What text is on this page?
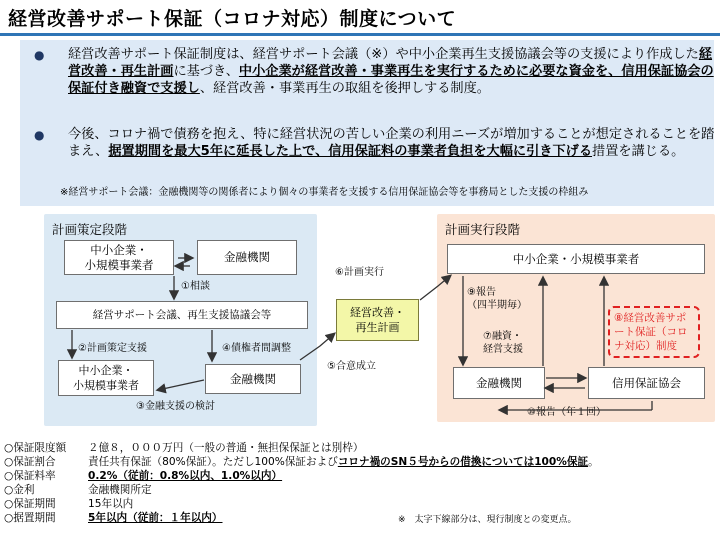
経営改善サポート保証（コロナ対応）制度について
● 経営改善サポート保証制度は、経営サポート会議（※）や中小企業再生支援協議会等の支援により作成した経営改善・再生計画に基づき、中小企業が経営改善・事業再生を実行するために必要な資金を、信用保証協会の保証付き融資で支援し、経営改善・事業再生の取組を後押しする制度。
● 今後、コロナ禍で債務を抱え、特に経営状況の苦しい企業の利用ニーズが増加することが想定されることを踏まえ、据置期間を最大5年に延長した上で、信用保証料の事業者負担を大幅に引き下げる措置を講じる。
※経営サポート会議：金融機関等の関係者により個々の事業者を支援する信用保証協会等を事務局とした支援の枠組み
計画策定段階
中小企業・
小規模事業者
金融機関
①相談
経営サポート会議、再生支援協議会等
②計画策定支援	④債権者間調整
中小企業・
小規模事業者	金融機関
③金融支援の検討
経営改善・
再生計画
⑥計画実行
⑤合意成立
計画実行段階
中小企業・小規模事業者
⑨報告
（四半期毎）
⑦融資・
経営支援
金融機関	信用保証協会
⑩報告（年１回）
⑧経営改善サポート保証（コロナ対応）制度
○保証限度額 ２億８，０００万円（一般の普通・無担保保証とは別枠）
○保証割合	責任共有保証（80%保証）。ただし100%保証およびコロナ禍のSN５号からの借換については100%保証。
○保証料率	0.2%（従前：0.8%以内、1.0%以内）
○金利	金融機関所定
○保証期間	15年以内
○据置期間	5年以内（従前：１年以内）	※　太字下線部分は、現行制度との変更点。
